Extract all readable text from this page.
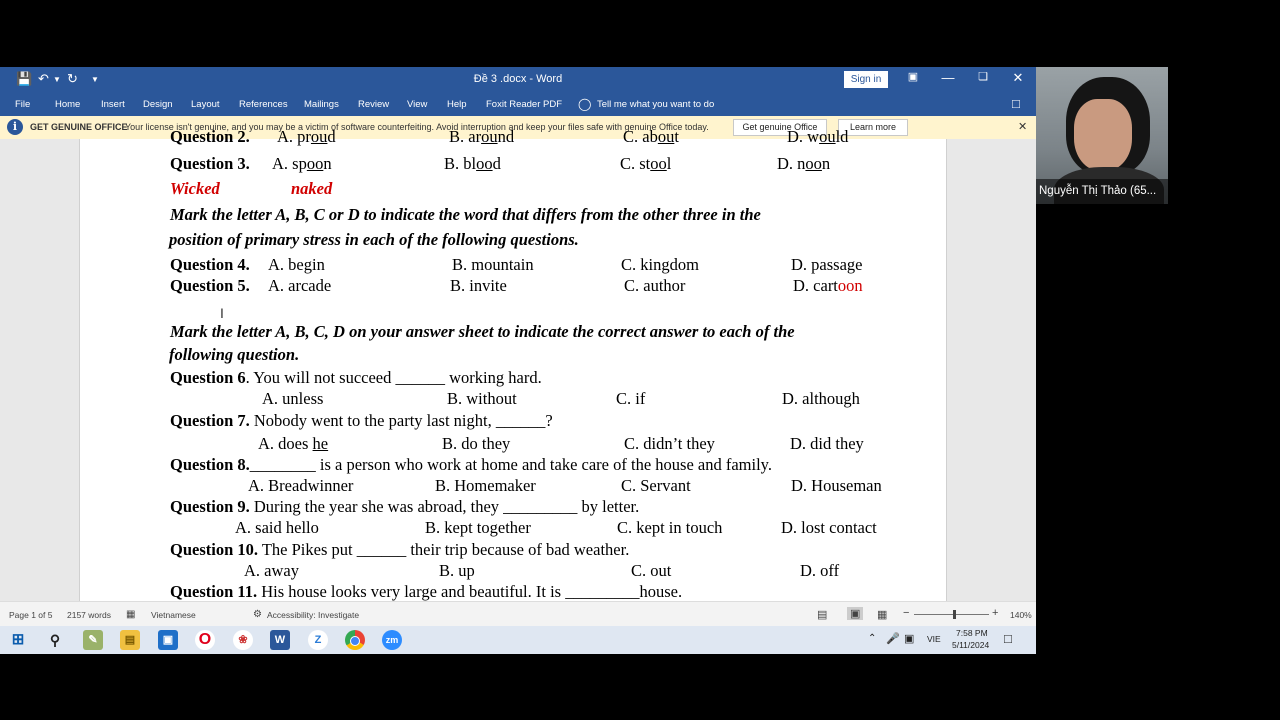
💾 ↶ ▼ ↻ ▼	Đề 3 .docx - Word	Sign in	▣	—	❏	✕
File	Home Insert Design Layout References Mailings Review View Help Foxit Reader PDF ◯ Tell me what you want to do	□
i	GET GENUINE OFFICE
Your license isn't genuine, and you may be a victim of software counterfeiting. Avoid interruption and keep your files safe with genuine Office today.	Get genuine Office	Learn more	✕
Question 2. A. proud	B. around	C. about	D. would
Question 3. A. spoon	B. blood	C. stool	D. noon
Wicked	naked
Mark the letter A, B, C or D to indicate the word that differs from the other three in the
position of primary stress in each of the following questions.
Question 4. A. begin	B. mountain	C. kingdom	D. passage
Question 5. A. arcade	B. invite	C. author	D. cartoon
I
Mark the letter A, B, C, D on your answer sheet to indicate the correct answer to each of the
following question.
Question 6. You will not succeed ______ working hard.
A. unless	B. without	C. if	D. although
Question 7. Nobody went to the party last night, ______?
A. does he	B. do they	C. didn’t they	D. did they
Question 8.________ is a person who work at home and take care of the house and family.
A. Breadwinner	B. Homemaker	C. Servant	D. Houseman
Question 9. During the year she was abroad, they _________ by letter.
A. said hello	B. kept together	C. kept in touch	D. lost contact
Question 10. The Pikes put ______ their trip because of bad weather.
A. away	B. up	C. out	D. off
Question 11. His house looks very large and beautiful. It is _________house.
Page 1 of 5 2157 words ▦ Vietnamese	⚙ Accessibility: Investigate	▤ ▣ ▦ −	+ 140%
⊞	⚲	✎	▤	▣ O	❀	W	Z	zm	⌃ 🎤 ▣ VIE
7:58 PM
5/11/2024 □
Nguyễn Thị Thảo (65...
